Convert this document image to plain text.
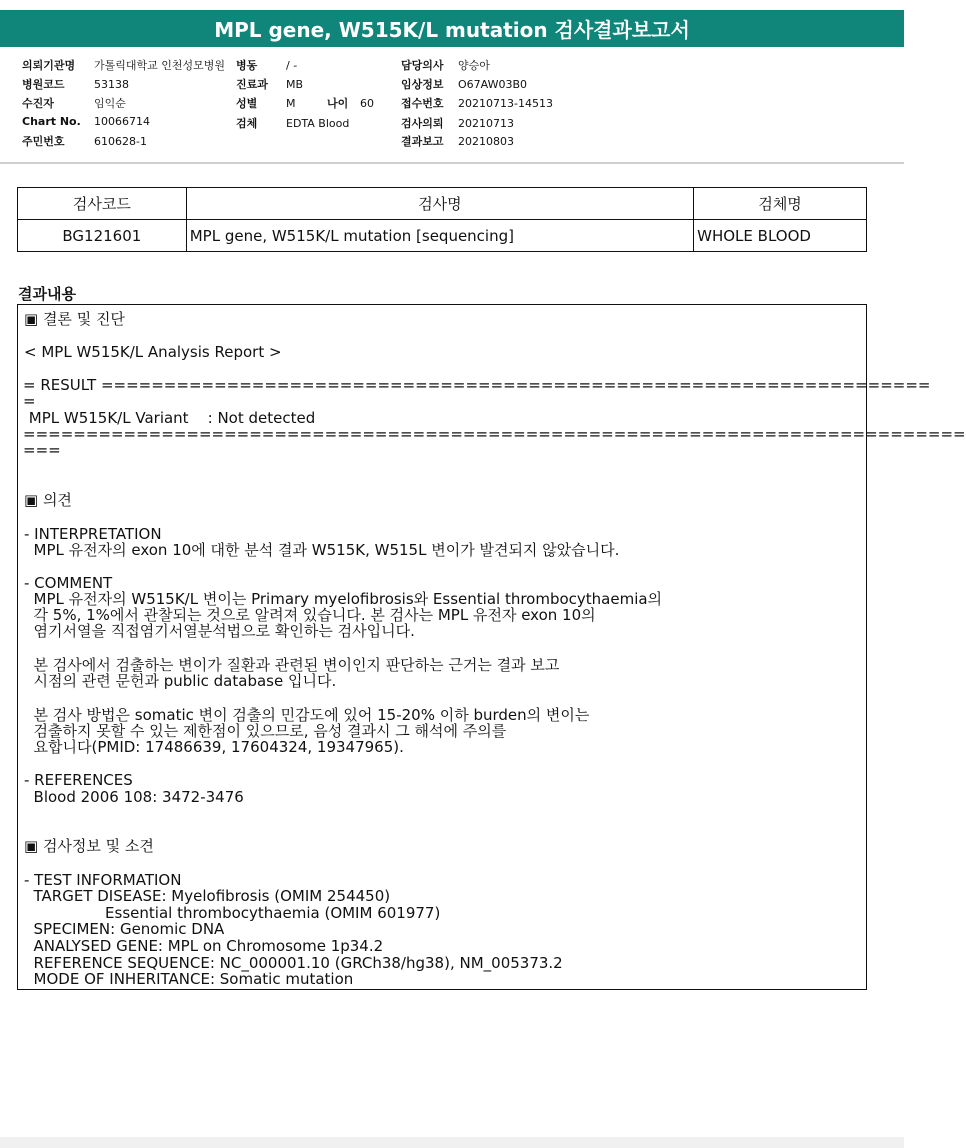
MPL gene, W515K/L mutation 검사결과보고서
의뢰기관명 가톨릭대학교 인천성모병원
병원코드	53138
수진자	임익순
Chart No. 10066714
주민번호	610628-1
병동	/ -
진료과 MB
성별	M	나이 60
검체	EDTA Blood
담당의사 양승아
임상정보 O67AW03B0
접수번호 20210713-14513
검사의뢰 20210713
결과보고 20210803
검사코드	검사명	검체명
BG121601	MPL gene, W515K/L mutation [sequencing]	WHOLE BLOOD
결과내용
▣ 결론 및 진단
< MPL W515K/L Analysis Report >
= RESULT ==================================================================
=
MPL W515K/L Variant    : Not detected
===========================================================================
===
▣ 의견
- INTERPRETATION
MPL 유전자의 exon 10에 대한 분석 결과 W515K, W515L 변이가 발견되지 않았습니다.
- COMMENT
MPL 유전자의 W515K/L 변이는 Primary myelofibrosis와 Essential thrombocythaemia의
각 5%, 1%에서 관찰되는 것으로 알려져 있습니다. 본 검사는 MPL 유전자 exon 10의
염기서열을 직접염기서열분석법으로 확인하는 검사입니다.
본 검사에서 검출하는 변이가 질환과 관련된 변이인지 판단하는 근거는 결과 보고
시점의 관련 문헌과 public database 입니다.
본 검사 방법은 somatic 변이 검출의 민감도에 있어 15-20% 이하 burden의 변이는
검출하지 못할 수 있는 제한점이 있으므로, 음성 결과시 그 해석에 주의를
요합니다(PMID: 17486639, 17604324, 19347965).
- REFERENCES
Blood 2006 108: 3472-3476
▣ 검사정보 및 소견
- TEST INFORMATION
TARGET DISEASE: Myelofibrosis (OMIM 254450)
Essential thrombocythaemia (OMIM 601977)
SPECIMEN: Genomic DNA
ANALYSED GENE: MPL on Chromosome 1p34.2
REFERENCE SEQUENCE: NC_000001.10 (GRCh38/hg38), NM_005373.2
MODE OF INHERITANCE: Somatic mutation
